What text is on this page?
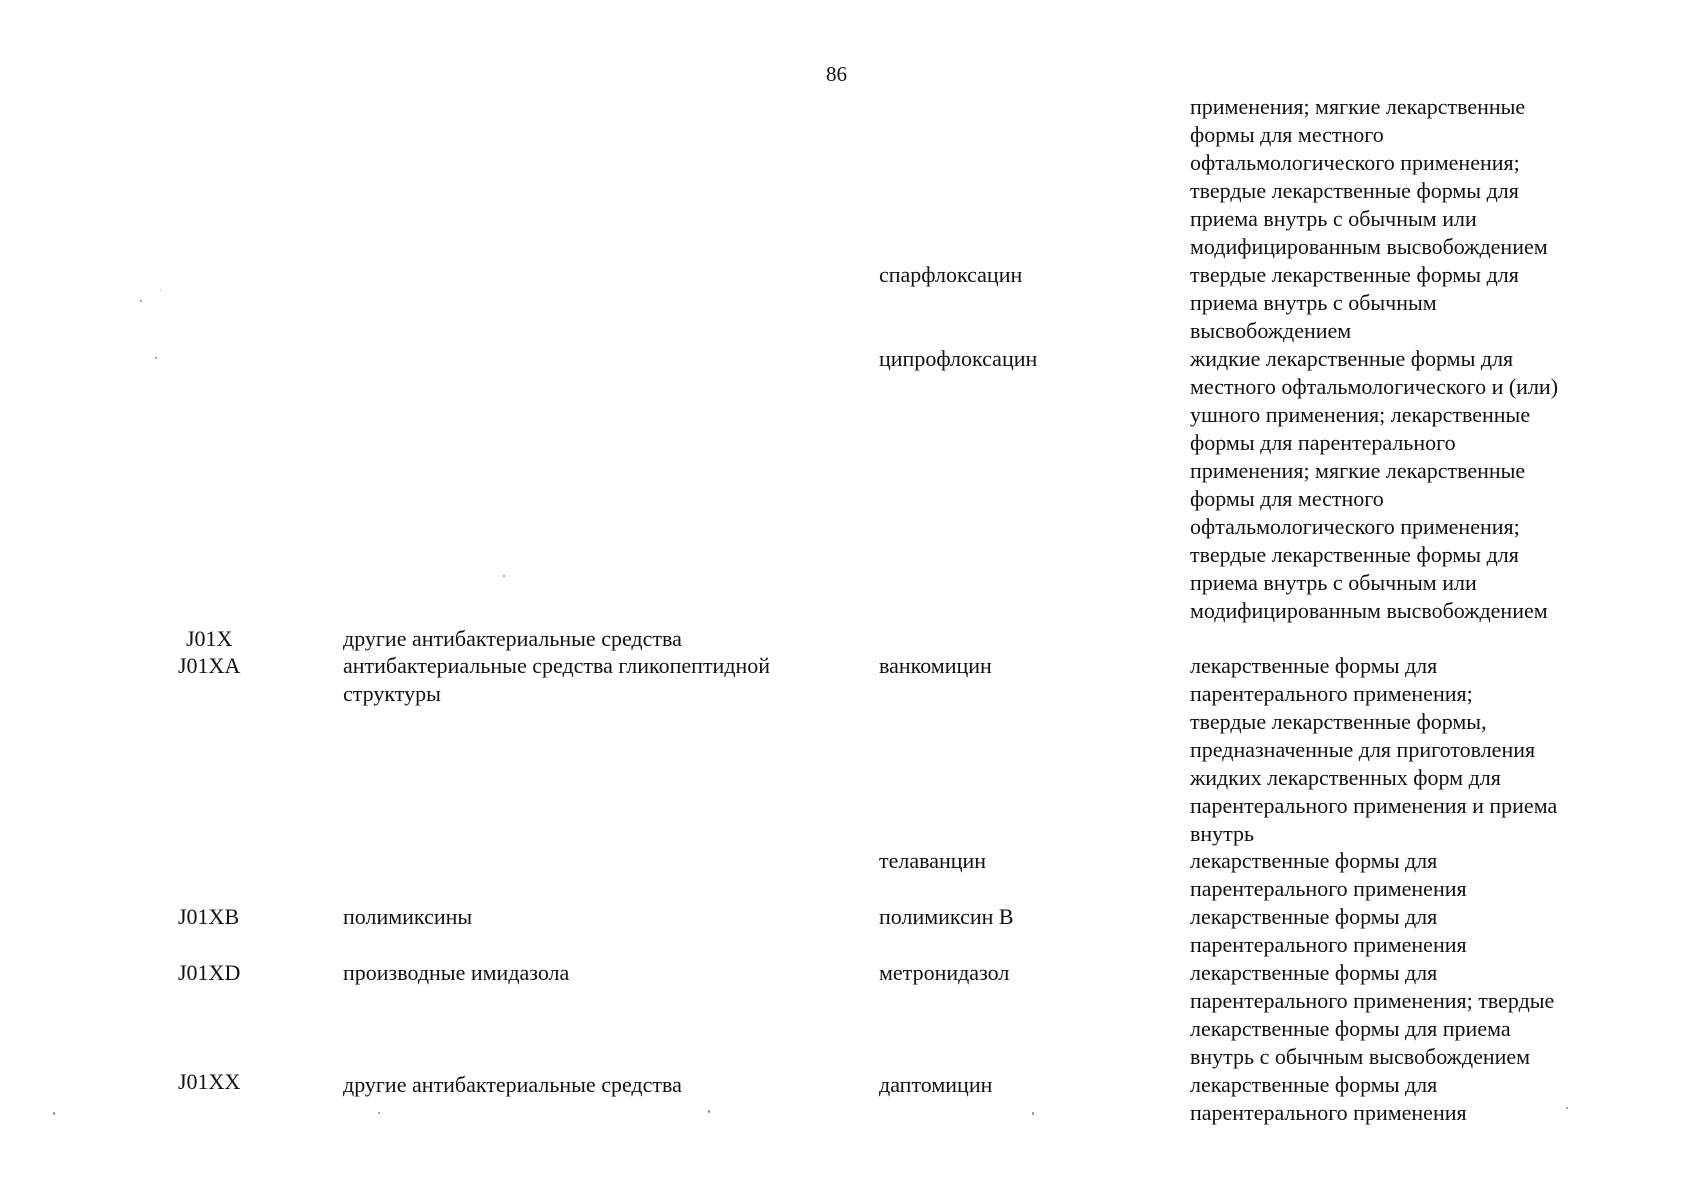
86
применения; мягкие лекарственные
формы для местного
офтальмологического применения;
твердые лекарственные формы для
приема внутрь с обычным или
модифицированным высвобождением
твердые лекарственные формы для
приема внутрь с обычным
высвобождением
жидкие лекарственные формы для
местного офтальмологического и (или)
ушного применения; лекарственные
формы для парентерального
применения; мягкие лекарственные
формы для местного
офтальмологического применения;
твердые лекарственные формы для
приема внутрь с обычным или
модифицированным высвобождением
лекарственные формы для
парентерального применения;
твердые лекарственные формы,
предназначенные для приготовления
жидких лекарственных форм для
парентерального применения и приема
внутрь
лекарственные формы для
парентерального применения
лекарственные формы для
парентерального применения
лекарственные формы для
парентерального применения; твердые
лекарственные формы для приема
внутрь с обычным высвобождением
лекарственные формы для
парентерального применения
спарфлоксацин
ципрофлоксацин
ванкомицин
телаванцин
полимиксин B
метронидазол
даптомицин
J01X
J01XA
J01XB
J01XD
J01XX
другие антибактериальные средства
антибактериальные средства гликопептидной
структуры
полимиксины
производные имидазола
другие антибактериальные средства
